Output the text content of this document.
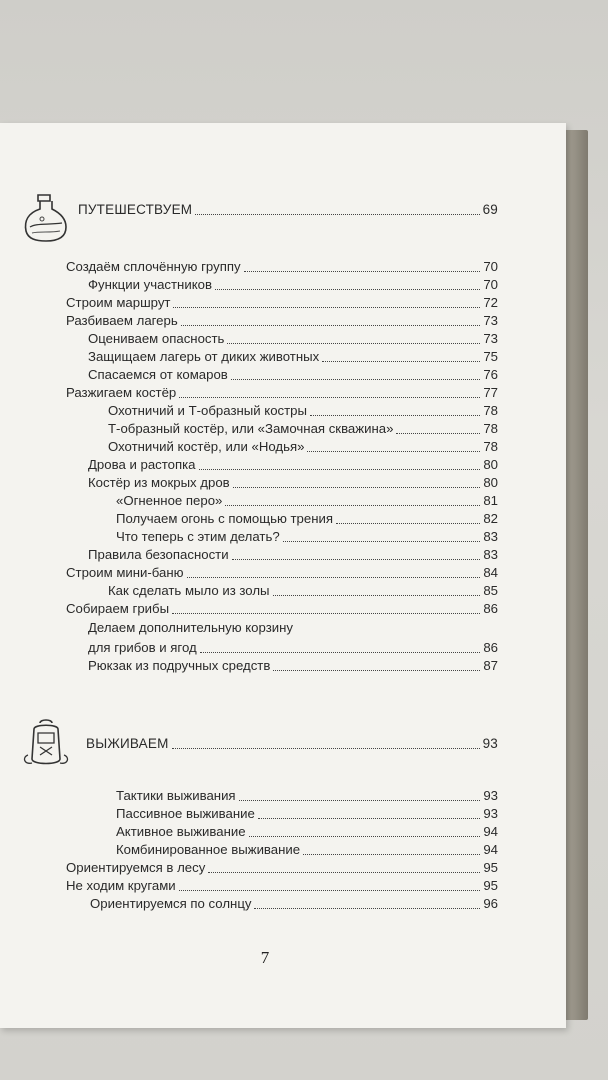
ПУТЕШЕСТВУЕМ	69
Создаём сплочённую группу	70
Функции участников	70
Строим маршрут	72
Разбиваем лагерь	73
Оцениваем опасность	73
Защищаем лагерь от диких животных	75
Спасаемся от комаров	76
Разжигаем костёр	77
Охотничий и Т-образный костры	78
Т-образный костёр, или «Замочная скважина»	78
Охотничий костёр, или «Нодья»	78
Дрова и растопка	80
Костёр из мокрых дров	80
«Огненное перо»	81
Получаем огонь с помощью трения	82
Что теперь с этим делать?	83
Правила безопасности	83
Строим мини-баню	84
Как сделать мыло из золы	85
Собираем грибы	86
Делаем дополнительную корзину
для грибов и ягод	86
Рюкзак из подручных средств	87
ВЫЖИВАЕМ	93
Тактики выживания	93
Пассивное выживание	93
Активное выживание	94
Комбинированное выживание	94
Ориентируемся в лесу	95
Не ходим кругами	95
Ориентируемся по солнцу	96
7
